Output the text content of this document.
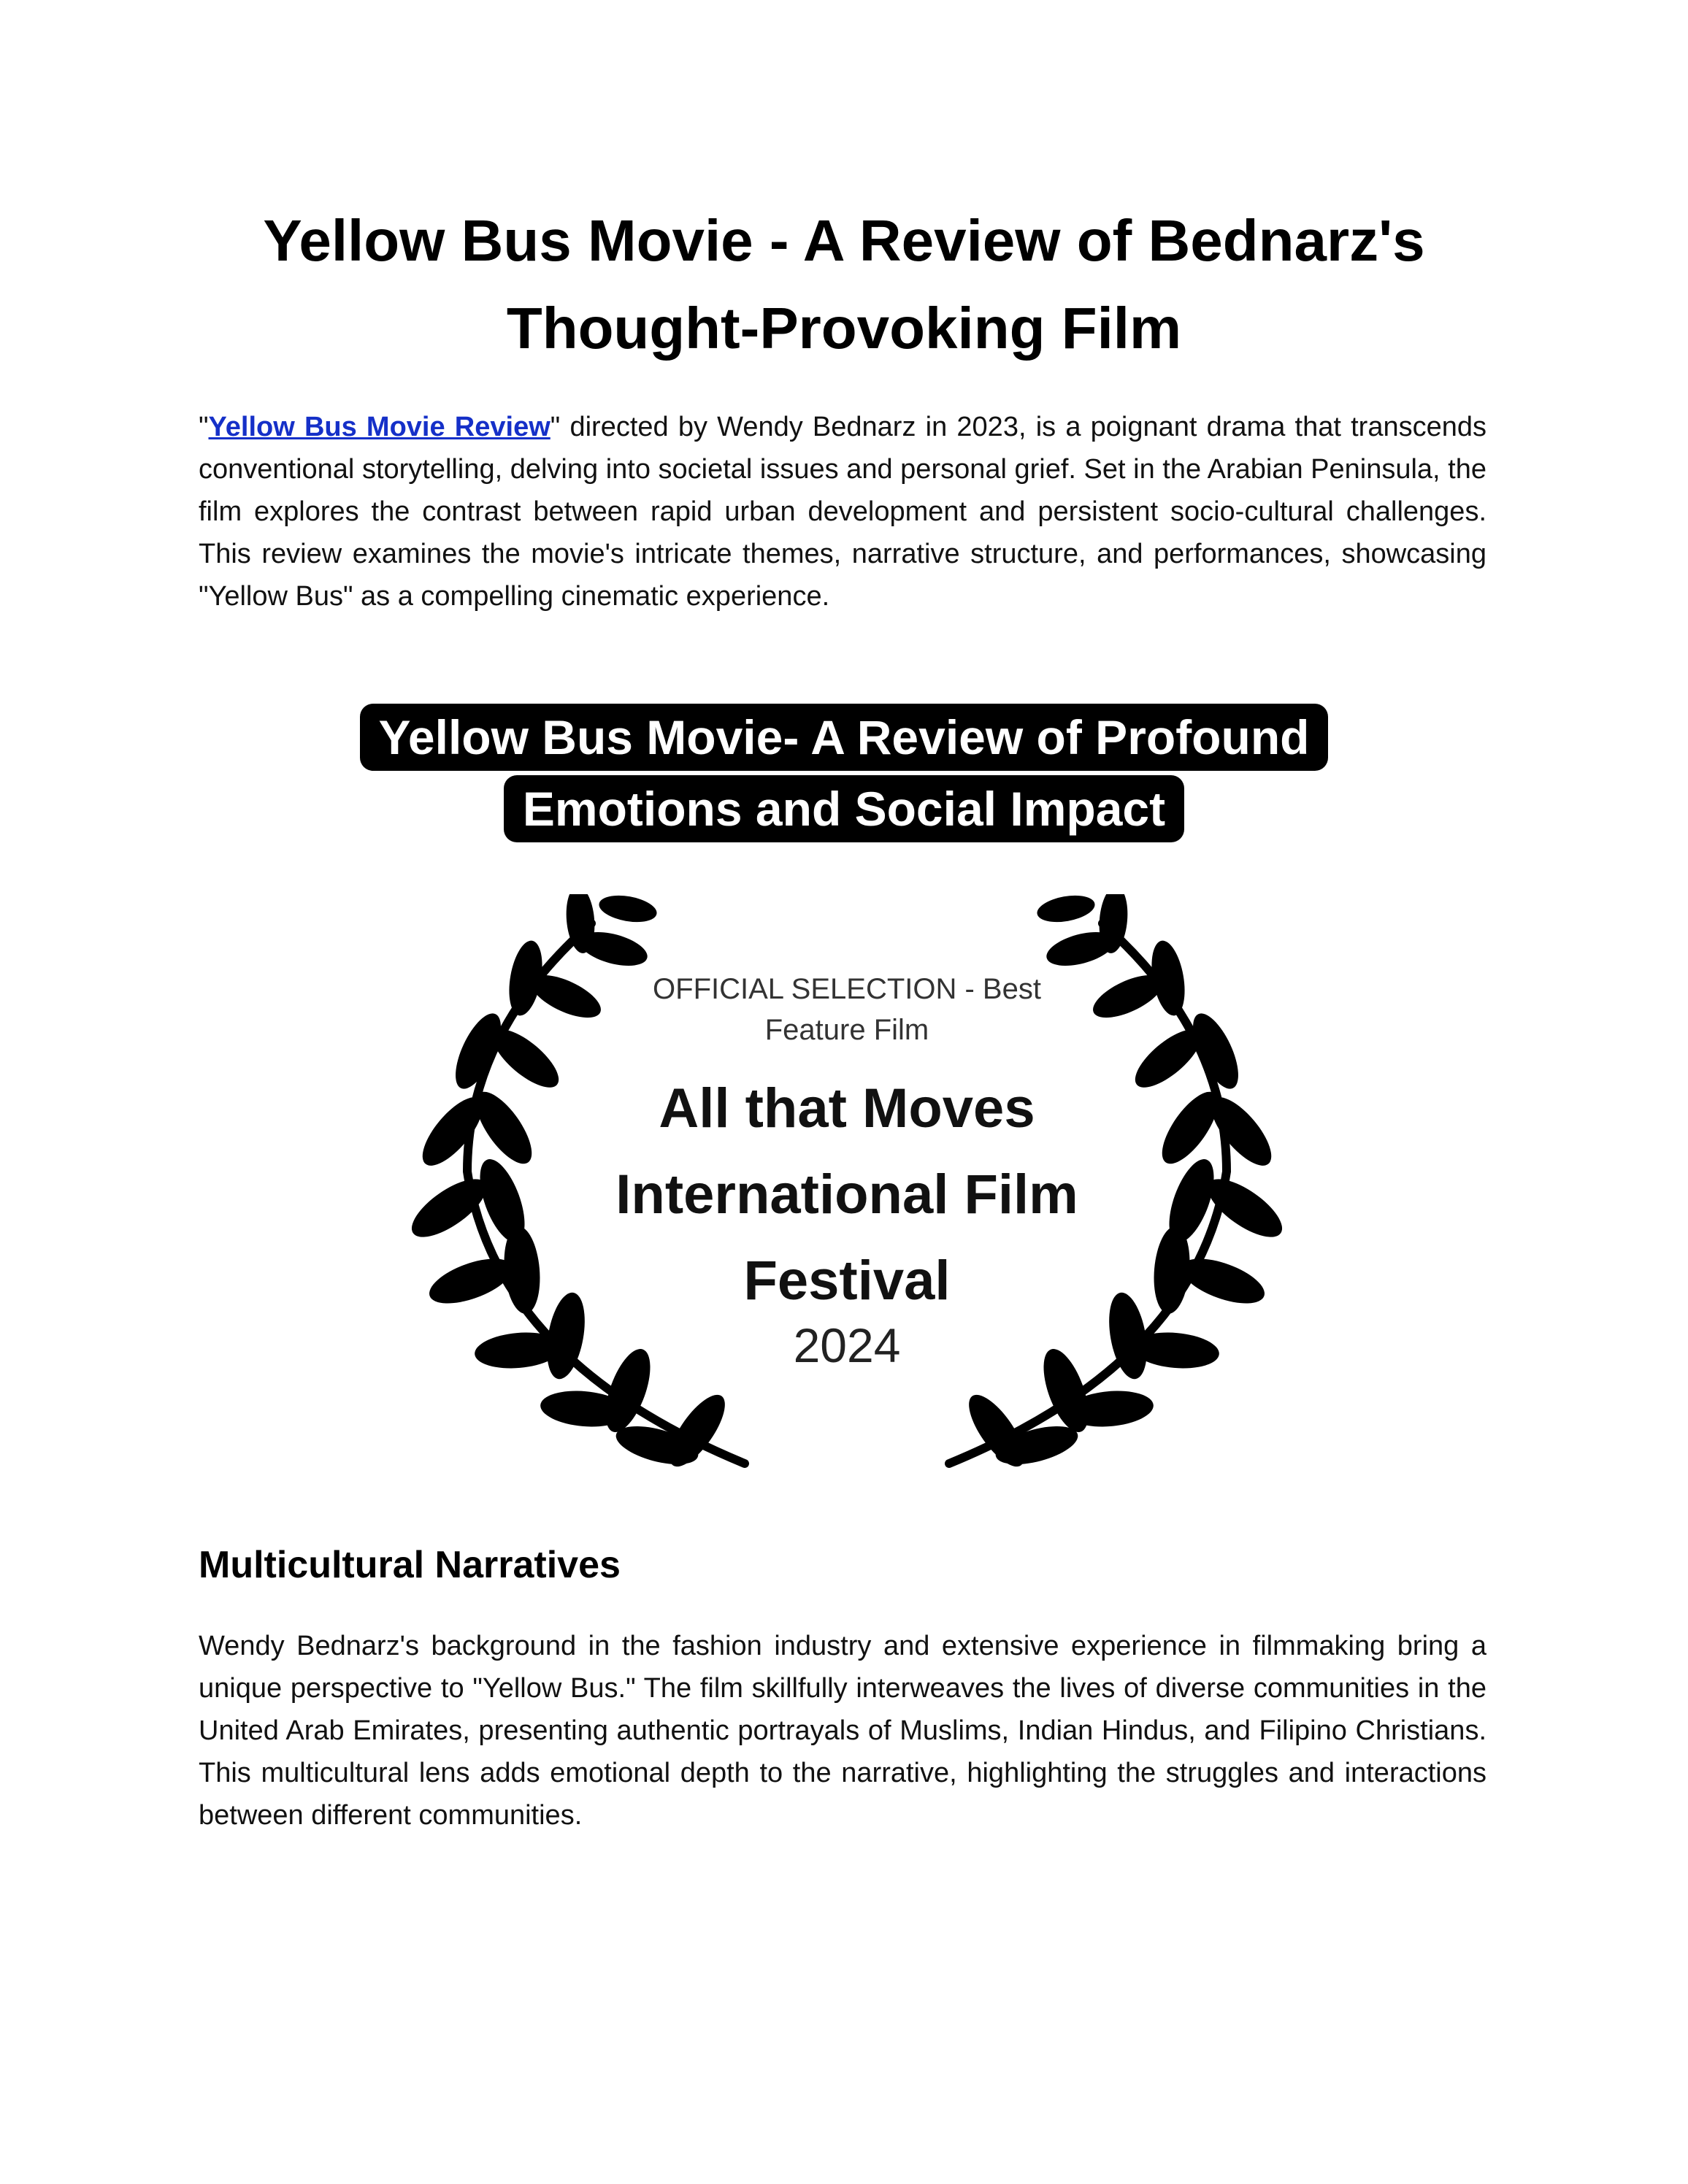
Yellow Bus Movie - A Review of Bednarz's Thought-Provoking Film

"Yellow Bus Movie Review" directed by Wendy Bednarz in 2023, is a poignant drama that transcends conventional storytelling, delving into societal issues and personal grief. Set in the Arabian Peninsula, the film explores the contrast between rapid urban development and persistent socio-cultural challenges. This review examines the movie's intricate themes, narrative structure, and performances, showcasing "Yellow Bus" as a compelling cinematic experience.

Yellow Bus Movie- A Review of Profound
Emotions and Social Impact

OFFICIAL SELECTION - Best
Feature Film

All that Moves
International Film
Festival

2024

Multicultural Narratives

Wendy Bednarz's background in the fashion industry and extensive experience in filmmaking bring a unique perspective to "Yellow Bus." The film skillfully interweaves the lives of diverse communities in the United Arab Emirates, presenting authentic portrayals of Muslims, Indian Hindus, and Filipino Christians. This multicultural lens adds emotional depth to the narrative, highlighting the struggles and interactions between different communities.
